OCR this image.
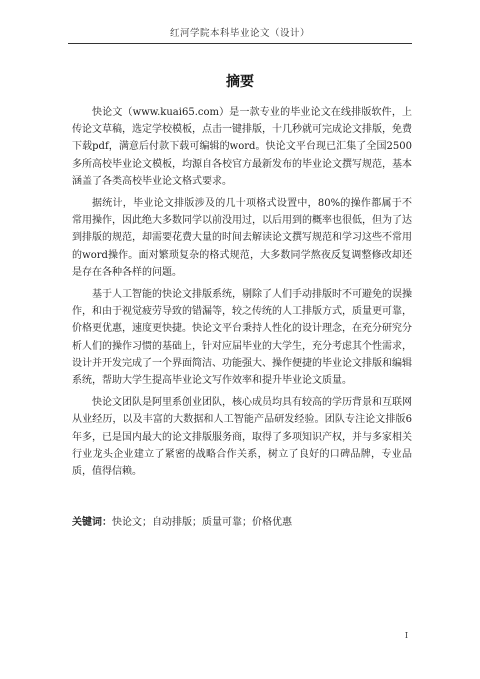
红河学院本科毕业论文（设计）
摘要

快论文（www.kuai65.com）是一款专业的毕业论文在线排版软件，上传论文草稿，选定学校模板，点击一键排版，十几秒就可完成论文排版，免费下载pdf，满意后付款下载可编辑的word。快论文平台现已汇集了全国2500多所高校毕业论文模板，均源自各校官方最新发布的毕业论文撰写规范，基本涵盖了各类高校毕业论文格式要求。

据统计，毕业论文排版涉及的几十项格式设置中，80%的操作都属于不常用操作，因此绝大多数同学以前没用过，以后用到的概率也很低，但为了达到排版的规范，却需要花费大量的时间去解读论文撰写规范和学习这些不常用的word操作。面对繁琐复杂的格式规范，大多数同学熬夜反复调整修改却还是存在各种各样的问题。

基于人工智能的快论文排版系统，剔除了人们手动排版时不可避免的误操作，和由于视觉疲劳导致的错漏等，较之传统的人工排版方式，质量更可靠，价格更优惠，速度更快捷。快论文平台秉持人性化的设计理念，在充分研究分析人们的操作习惯的基础上，针对应届毕业的大学生，充分考虑其个性需求，设计并开发完成了一个界面简洁、功能强大、操作便捷的毕业论文排版和编辑系统，帮助大学生提高毕业论文写作效率和提升毕业论文质量。

快论文团队是阿里系创业团队，核心成员均具有较高的学历背景和互联网从业经历，以及丰富的大数据和人工智能产品研发经验。团队专注论文排版6年多，已是国内最大的论文排版服务商，取得了多项知识产权，并与多家相关行业龙头企业建立了紧密的战略合作关系，树立了良好的口碑品牌，专业品质，值得信赖。

关键词：快论文；自动排版；质量可靠；价格优惠
I
